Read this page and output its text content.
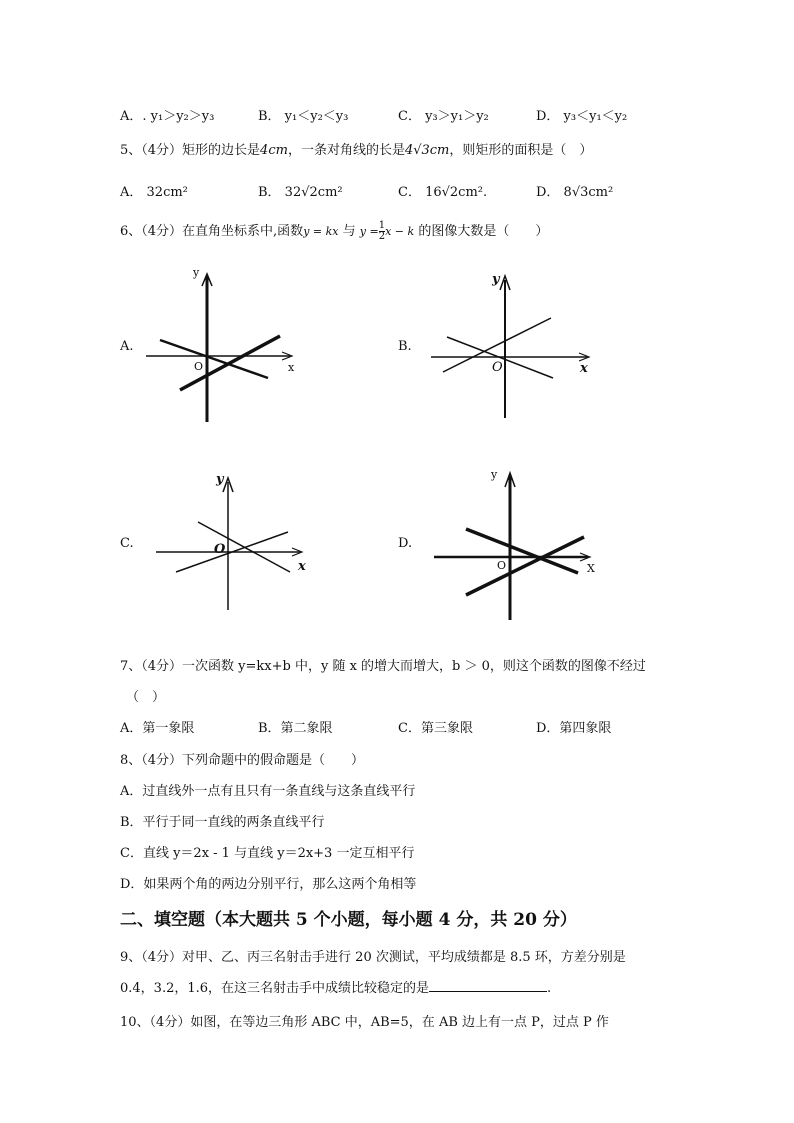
A．. y₁＞y₂＞y₃	B． y₁＜y₂＜y₃	C． y₃＞y₁＞y₂	D． y₃＜y₁＜y₂
5、（4分）矩形的边长是4cm，一条对角线的长是4√3cm，则矩形的面积是（　）
A． 32cm²	B． 32√2cm²	C． 16√2cm².	D． 8√3cm²
6、（4分）在直角坐标系中,函数y = kx 与 $y = \frac{1}{2}$ x − k 的图像大数是（　　）
A.
y
x
O
B.
y
x
O
C.
y
x
O	D.
y
X
O
7、（4分）一次函数 y=kx+b 中，y 随 x 的增大而增大，b ＞ 0，则这个函数的图像不经过
（　）
A．第一象限	B．第二象限	C．第三象限	D．第四象限
8、（4分）下列命题中的假命题是（　　）
A．过直线外一点有且只有一条直线与这条直线平行
B．平行于同一直线的两条直线平行
C．直线 y＝2x - 1 与直线 y＝2x+3 一定互相平行
D．如果两个角的两边分别平行，那么这两个角相等
二、填空题（本大题共 5 个小题，每小题 4 分，共 20 分）
9、（4分）对甲、乙、丙三名射击手进行 20 次测试，平均成绩都是 8.5 环，方差分别是
0.4，3.2，1.6，在这三名射击手中成绩比较稳定的是	.
10、（4分）如图，在等边三角形 ABC 中，AB=5，在 AB 边上有一点 P，过点 P 作
